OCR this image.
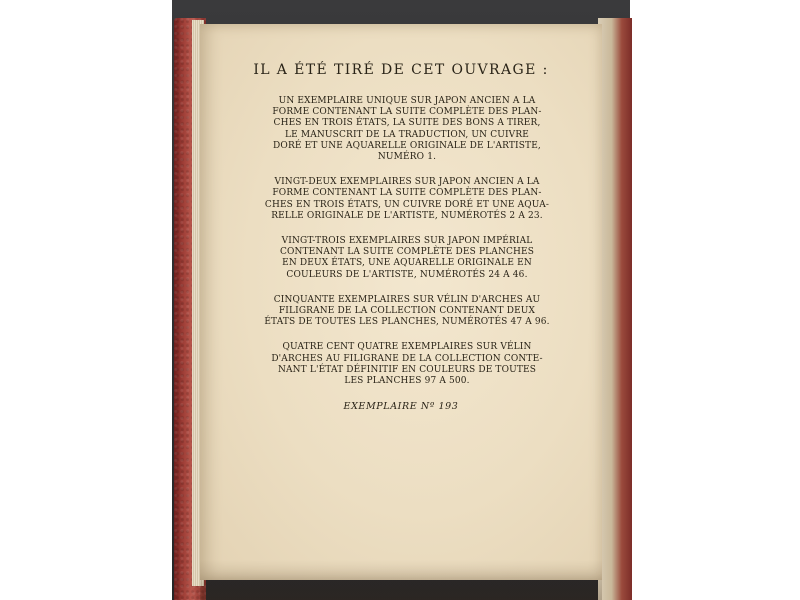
IL A ÉTÉ TIRÉ DE CET OUVRAGE :
UN EXEMPLAIRE UNIQUE SUR JAPON ANCIEN A LA
FORME CONTENANT LA SUITE COMPLÈTE DES PLAN-
CHES EN TROIS ÉTATS, LA SUITE DES BONS A TIRER,
LE MANUSCRIT DE LA TRADUCTION, UN CUIVRE
DORÉ ET UNE AQUARELLE ORIGINALE DE L'ARTISTE,
NUMÉRO 1.
VINGT-DEUX EXEMPLAIRES SUR JAPON ANCIEN A LA
FORME CONTENANT LA SUITE COMPLÈTE DES PLAN-
CHES EN TROIS ÉTATS, UN CUIVRE DORÉ ET UNE AQUA-
RELLE ORIGINALE DE L'ARTISTE, NUMÉROTÉS 2 A 23.
VINGT-TROIS EXEMPLAIRES SUR JAPON IMPÉRIAL
CONTENANT LA SUITE COMPLÈTE DES PLANCHES
EN DEUX ÉTATS, UNE AQUARELLE ORIGINALE EN
COULEURS DE L'ARTISTE, NUMÉROTÉS 24 A 46.
CINQUANTE EXEMPLAIRES SUR VÉLIN D'ARCHES AU
FILIGRANE DE LA COLLECTION CONTENANT DEUX
ÉTATS DE TOUTES LES PLANCHES, NUMÉROTÉS 47 A 96.
QUATRE CENT QUATRE EXEMPLAIRES SUR VÉLIN
D'ARCHES AU FILIGRANE DE LA COLLECTION CONTE-
NANT L'ÉTAT DÉFINITIF EN COULEURS DE TOUTES
LES PLANCHES 97 A 500.
EXEMPLAIRE Nº 193
